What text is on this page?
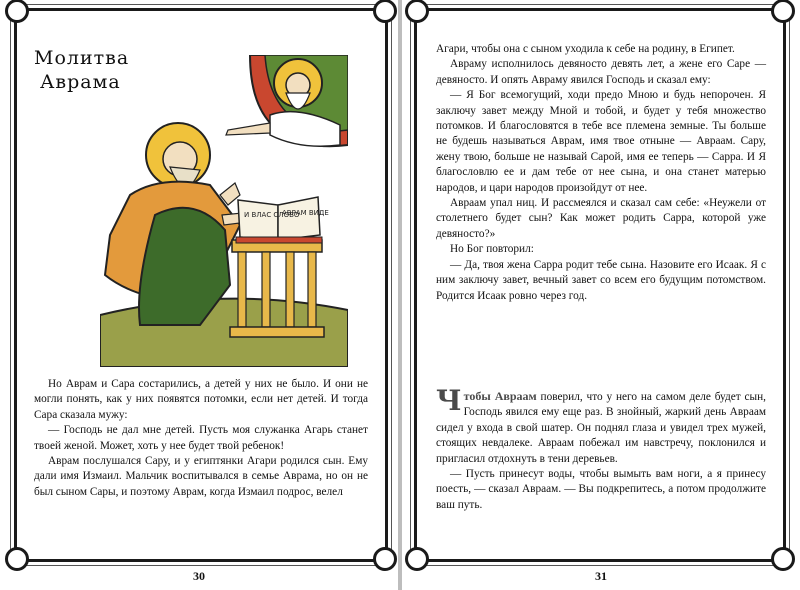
Молитва
Аврама
И ВЛАС СЛОВО
АВРАМ ВИДЕ

Но Аврам и Сара состарились, а детей у них не было. И они не могли понять, как у них появятся потомки, если нет детей. И тогда Сара сказала мужу:

— Господь не дал мне детей. Пусть моя служанка Агарь станет твоей женой. Может, хоть у нее будет твой ребенок!

Аврам послушался Сару, и у египтянки Агари родился сын. Ему дали имя Измаил. Мальчик воспитывался в семье Аврама, но он не был сыном Сары, и поэтому Аврам, когда Измаил подрос, велел

30

Агари, чтобы она с сыном уходила к себе на родину, в Египет.

Авраму исполнилось девяносто девять лет, а жене его Саре — девяносто. И опять Авраму явился Господь и сказал ему:

— Я Бог всемогущий, ходи предо Мною и будь непорочен. Я заключу завет между Мной и тобой, и будет у тебя множество потомков. И благословятся в тебе все племена земные. Ты больше не будешь называться Аврам, имя твое отныне — Авраам. Сару, жену твою, больше не называй Сарой, имя ее теперь — Сарра. И Я благословлю ее и дам тебе от нее сына, и она станет матерью народов, и цари народов произойдут от нее.

Авраам упал ниц. И рассмеялся и сказал сам себе: «Неужели от столетнего будет сын? Как может родить Сарра, которой уже девяносто?»

Но Бог повторил:

— Да, твоя жена Сарра родит тебе сына. Назовите его Исаак. Я с ним заключу завет, вечный завет со всем его будущим потомством. Родится Исаак ровно через год.

Чтобы Авраам поверил, что у него на самом деле будет сын, Господь явился ему еще раз. В знойный, жаркий день Авраам сидел у входа в свой шатер. Он поднял глаза и увидел трех мужей, стоящих невдалеке. Авраам побежал им навстречу, поклонился и пригласил отдохнуть в тени деревьев.

— Пусть принесут воды, чтобы вымыть вам ноги, а я принесу поесть, — сказал Авраам. — Вы подкрепитесь, а потом продолжите ваш путь.

31
